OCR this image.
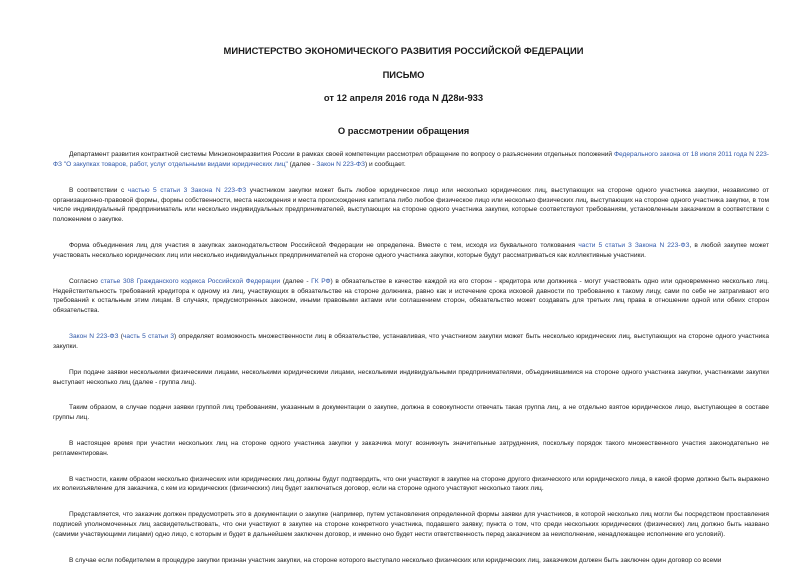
МИНИСТЕРСТВО ЭКОНОМИЧЕСКОГО РАЗВИТИЯ РОССИЙСКОЙ ФЕДЕРАЦИИ
ПИСЬМО
от 12 апреля 2016 года N Д28и-933
О рассмотрении обращения

Департамент развития контрактной системы Минэкономразвития России в рамках своей компетенции рассмотрел обращение по вопросу о разъяснении отдельных положений Федерального закона от 18 июля 2011 года N 223-ФЗ "О закупках товаров, работ, услуг отдельными видами юридических лиц" (далее - Закон N 223-ФЗ) и сообщает.

В соответствии с частью 5 статьи 3 Закона N 223-ФЗ участником закупки может быть любое юридическое лицо или несколько юридических лиц, выступающих на стороне одного участника закупки, независимо от организационно-правовой формы, формы собственности, места нахождения и места происхождения капитала либо любое физическое лицо или несколько физических лиц, выступающих на стороне одного участника закупки, в том числе индивидуальный предприниматель или несколько индивидуальных предпринимателей, выступающих на стороне одного участника закупки, которые соответствуют требованиям, установленным заказчиком в соответствии с положением о закупке.

Форма объединения лиц для участия в закупках законодательством Российской Федерации не определена. Вместе с тем, исходя из буквального толкования части 5 статьи 3 Закона N 223-ФЗ, в любой закупке может участвовать несколько юридических лиц или несколько индивидуальных предпринимателей на стороне одного участника закупки, которые будут рассматриваться как коллективные участники.

Согласно статье 308 Гражданского кодекса Российской Федерации (далее - ГК РФ) в обязательстве в качестве каждой из его сторон - кредитора или должника - могут участвовать одно или одновременно несколько лиц. Недействительность требований кредитора к одному из лиц, участвующих в обязательстве на стороне должника, равно как и истечение срока исковой давности по требованию к такому лицу, сами по себе не затрагивают его требований к остальным этим лицам. В случаях, предусмотренных законом, иными правовыми актами или соглашением сторон, обязательство может создавать для третьих лиц права в отношении одной или обеих сторон обязательства.

Закон N 223-ФЗ (часть 5 статьи 3) определяет возможность множественности лиц в обязательстве, устанавливая, что участником закупки может быть несколько юридических лиц, выступающих на стороне одного участника закупки.

При подаче заявки несколькими физическими лицами, несколькими юридическими лицами, несколькими индивидуальными предпринимателями, объединившимися на стороне одного участника закупки, участниками закупки выступает несколько лиц (далее - группа лиц).

Таким образом, в случае подачи заявки группой лиц требованиям, указанным в документации о закупке, должна в совокупности отвечать такая группа лиц, а не отдельно взятое юридическое лицо, выступающее в составе группы лиц.

В настоящее время при участии нескольких лиц на стороне одного участника закупки у заказчика могут возникнуть значительные затруднения, поскольку порядок такого множественного участия законодательно не регламентирован.

В частности, каким образом несколько физических или юридических лиц должны будут подтвердить, что они участвуют в закупке на стороне другого физического или юридического лица, в какой форме должно быть выражено их волеизъявление для заказчика, с кем из юридических (физических) лиц будет заключаться договор, если на стороне одного участвуют несколько таких лиц.

Представляется, что заказчик должен предусмотреть это в документации о закупке (например, путем установления определенной формы заявки для участников, в которой несколько лиц могли бы посредством проставления подписей уполномоченных лиц засвидетельствовать, что они участвуют в закупке на стороне конкретного участника, подавшего заявку; пункта о том, что среди нескольких юридических (физических) лиц должно быть названо (самими участвующими лицами) одно лицо, с которым и будет в дальнейшем заключен договор, и именно оно будет нести ответственность перед заказчиком за неисполнение, ненадлежащее исполнение его условий).

В случае если победителем в процедуре закупки признан участник закупки, на стороне которого выступало несколько физических или юридических лиц, заказчиком должен быть заключен один договор со всеми
